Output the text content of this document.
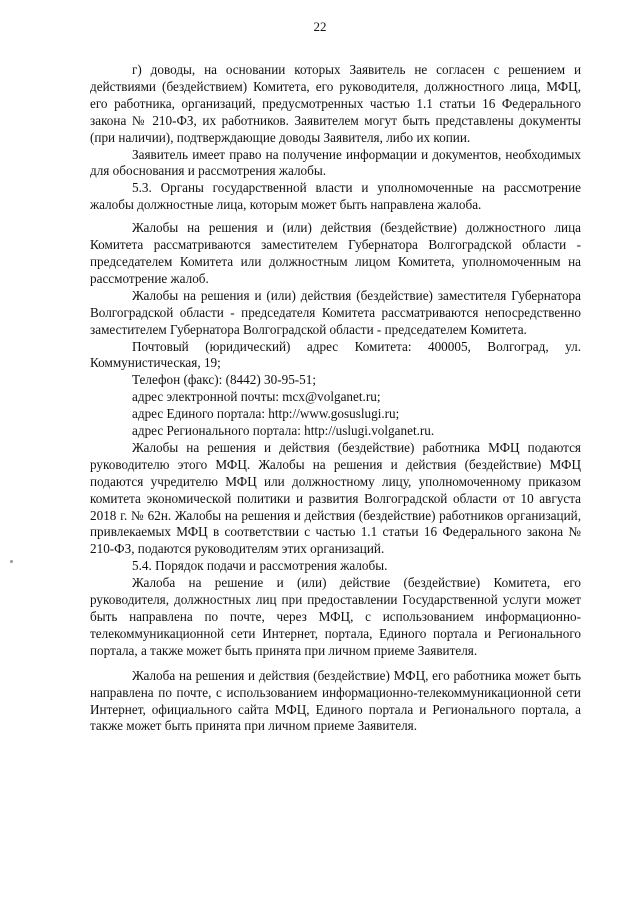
22

г) доводы, на основании которых Заявитель не согласен с решением и действиями (бездействием) Комитета, его руководителя, должностного лица, МФЦ, его работника, организаций, предусмотренных частью 1.1 статьи 16 Федерального закона № 210-ФЗ, их работников. Заявителем могут быть представлены документы (при наличии), подтверждающие доводы Заявителя, либо их копии.

Заявитель имеет право на получение информации и документов, необходимых для обоснования и рассмотрения жалобы.

5.3. Органы государственной власти и уполномоченные на рассмотрение жалобы должностные лица, которым может быть направлена жалоба.

Жалобы на решения и (или) действия (бездействие) должностного лица Комитета рассматриваются заместителем Губернатора Волгоградской области - председателем Комитета или должностным лицом Комитета, уполномоченным на рассмотрение жалоб.

Жалобы на решения и (или) действия (бездействие) заместителя Губернатора Волгоградской области - председателя Комитета рассматриваются непосредственно заместителем Губернатора Волгоградской области - председателем Комитета.

Почтовый (юридический) адрес Комитета: 400005, Волгоград, ул. Коммунистическая, 19;

Телефон (факс): (8442) 30-95-51;

адрес электронной почты: mcx@volganet.ru;

адрес Единого портала: http://www.gosuslugi.ru;

адрес Регионального портала: http://uslugi.volganet.ru.

Жалобы на решения и действия (бездействие) работника МФЦ подаются руководителю этого МФЦ. Жалобы на решения и действия (бездействие) МФЦ подаются учредителю МФЦ или должностному лицу, уполномоченному приказом комитета экономической политики и развития Волгоградской области от 10 августа 2018 г. № 62н. Жалобы на решения и действия (бездействие) работников организаций, привлекаемых МФЦ в соответствии с частью 1.1 статьи 16 Федерального закона № 210-ФЗ, подаются руководителям этих организаций.

5.4. Порядок подачи и рассмотрения жалобы.

Жалоба на решение и (или) действие (бездействие) Комитета, его руководителя, должностных лиц при предоставлении Государственной услуги может быть направлена по почте, через МФЦ, с использованием информационно-телекоммуникационной сети Интернет, портала, Единого портала и Регионального портала, а также может быть принята при личном приеме Заявителя.

Жалоба на решения и действия (бездействие) МФЦ, его работника может быть направлена по почте, с использованием информационно-телекоммуникационной сети Интернет, официального сайта МФЦ, Единого портала и Регионального портала, а также может быть принята при личном приеме Заявителя.
